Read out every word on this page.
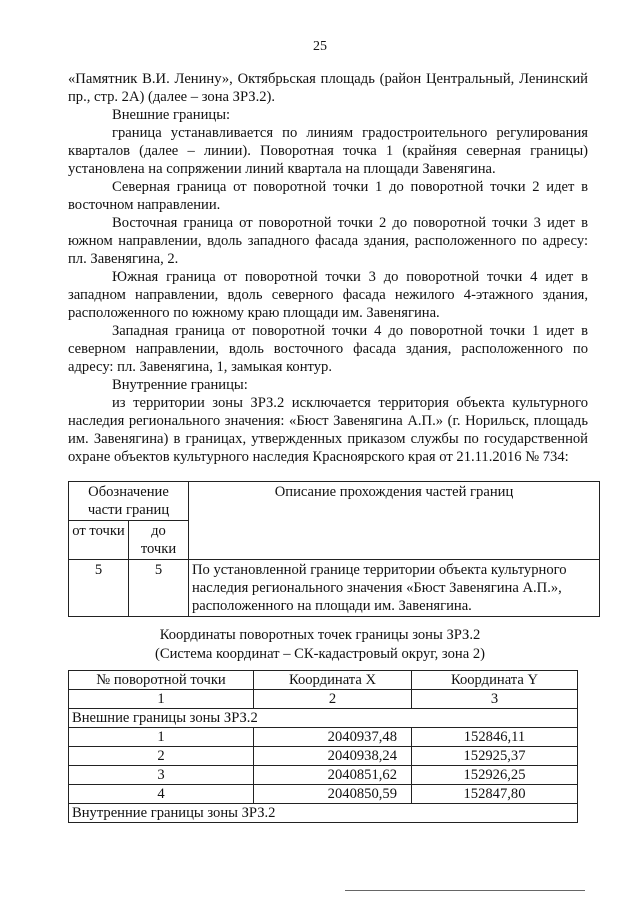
25

«Памятник В.И. Ленину», Октябрьская площадь (район Центральный, Ленинский пр., стр. 2А) (далее – зона ЗРЗ.2).

Внешние границы:

граница устанавливается по линиям градостроительного регулирования кварталов (далее – линии). Поворотная точка 1 (крайняя северная границы) установлена на сопряжении линий квартала на площади Завенягина.

Северная граница от поворотной точки 1 до поворотной точки 2 идет в восточном направлении.

Восточная граница от поворотной точки 2 до поворотной точки 3 идет в южном направлении, вдоль западного фасада здания, расположенного по адресу: пл. Завенягина, 2.

Южная граница от поворотной точки 3 до поворотной точки 4 идет в западном направлении, вдоль северного фасада нежилого 4-этажного здания, расположенного по южному краю площади им. Завенягина.

Западная граница от поворотной точки 4 до поворотной точки 1 идет в северном направлении, вдоль восточного фасада здания, расположенного по адресу: пл. Завенягина, 1, замыкая контур.

Внутренние границы:

из территории зоны ЗРЗ.2 исключается территория объекта культурного наследия регионального значения: «Бюст Завенягина А.П.» (г. Норильск, площадь им. Завенягина) в границах, утвержденных приказом службы по государственной охране объектов культурного наследия Красноярского края от 21.11.2016 № 734:

Обозначение части границ		Описание прохождения частей границ
от точки	до точки	
5	5	По установленной границе территории объекта культурного наследия регионального значения «Бюст Завенягина А.П.», расположенного на площади им. Завенягина.
Координаты поворотных точек границы зоны ЗРЗ.2
(Система координат – СК-кадастровый округ, зона 2)
№ поворотной точки	Координата X	Координата Y
1	2	3
Внешние границы зоны ЗРЗ.2		
1	2040937,48	152846,11
2	2040938,24	152925,37
3	2040851,62	152926,25
4	2040850,59	152847,80
Внутренние границы зоны ЗРЗ.2		
